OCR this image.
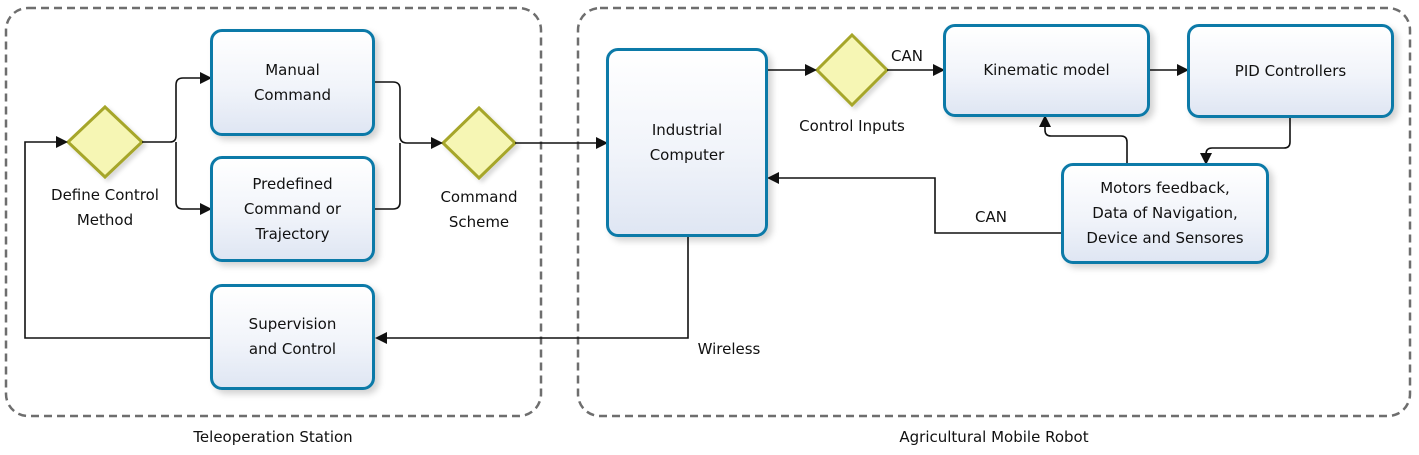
Manual
Command
Predefined
Command or
Trajectory
Supervision
and Control
Industrial
Computer
Kinematic model	PID Controllers
Motors feedback,
Data of Navigation,
Device and Sensores
Define Control
Method
Command
Scheme
Control Inputs
CAN
CAN
Wireless
Teleoperation Station	Agricultural Mobile Robot
